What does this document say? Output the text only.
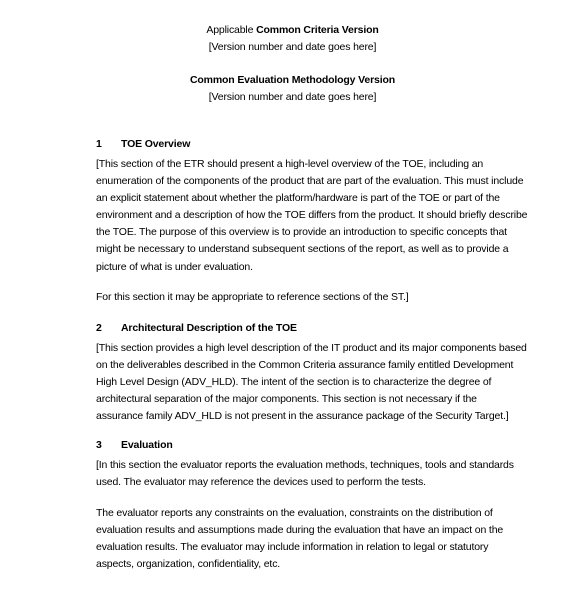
Applicable Common Criteria Version
[Version number and date goes here]
Common Evaluation Methodology Version
[Version number and date goes here]
1 TOE Overview
[This section of the ETR should present a high-level overview of the TOE, including an
enumeration of the components of the product that are part of the evaluation. This must include
an explicit statement about whether the platform/hardware is part of the TOE or part of the
environment and a description of how the TOE differs from the product. It should briefly describe
the TOE. The purpose of this overview is to provide an introduction to specific concepts that
might be necessary to understand subsequent sections of the report, as well as to provide a
picture of what is under evaluation.
For this section it may be appropriate to reference sections of the ST.]
2 Architectural Description of the TOE
[This section provides a high level description of the IT product and its major components based
on the deliverables described in the Common Criteria assurance family entitled Development
High Level Design (ADV_HLD). The intent of the section is to characterize the degree of
architectural separation of the major components. This section is not necessary if the
assurance family ADV_HLD is not present in the assurance package of the Security Target.]
3 Evaluation
[In this section the evaluator reports the evaluation methods, techniques, tools and standards
used. The evaluator may reference the devices used to perform the tests.
The evaluator reports any constraints on the evaluation, constraints on the distribution of
evaluation results and assumptions made during the evaluation that have an impact on the
evaluation results. The evaluator may include information in relation to legal or statutory
aspects, organization, confidentiality, etc.
